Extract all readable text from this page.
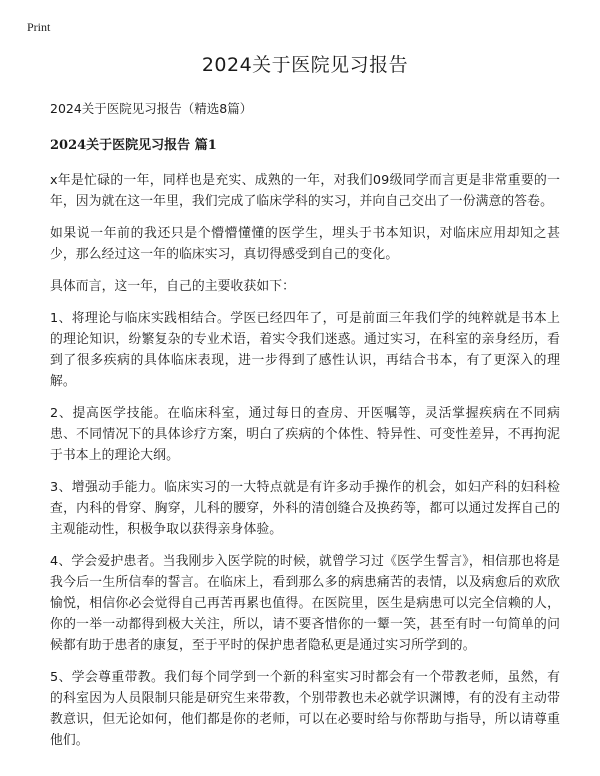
Print
2024关于医院见习报告

2024关于医院见习报告（精选8篇）

2024关于医院见习报告 篇1

x年是忙碌的一年，同样也是充实、成熟的一年，对我们09级同学而言更是非常重要的一年，因为就在这一年里，我们完成了临床学科的实习，并向自己交出了一份满意的答卷。

如果说一年前的我还只是个懵懵懂懂的医学生，埋头于书本知识，对临床应用却知之甚少，那么经过这一年的临床实习，真切得感受到自己的变化。

具体而言，这一年，自己的主要收获如下：

1、将理论与临床实践相结合。学医已经四年了，可是前面三年我们学的纯粹就是书本上的理论知识，纷繁复杂的专业术语，着实令我们迷惑。通过实习，在科室的亲身经历，看到了很多疾病的具体临床表现，进一步得到了感性认识，再结合书本，有了更深入的理解。

2、提高医学技能。在临床科室，通过每日的查房、开医嘱等，灵活掌握疾病在不同病患、不同情况下的具体诊疗方案，明白了疾病的个体性、特异性、可变性差异，不再拘泥于书本上的理论大纲。

3、增强动手能力。临床实习的一大特点就是有许多动手操作的机会，如妇产科的妇科检查，内科的骨穿、胸穿，儿科的腰穿，外科的清创缝合及换药等，都可以通过发挥自己的主观能动性，积极争取以获得亲身体验。

4、学会爱护患者。当我刚步入医学院的时候，就曾学习过《医学生誓言》，相信那也将是我今后一生所信奉的誓言。在临床上，看到那么多的病患痛苦的表情，以及病愈后的欢欣愉悦，相信你必会觉得自己再苦再累也值得。在医院里，医生是病患可以完全信赖的人，你的一举一动都得到极大关注，所以，请不要吝惜你的一颦一笑，甚至有时一句简单的问候都有助于患者的康复，至于平时的保护患者隐私更是通过实习所学到的。

5、学会尊重带教。我们每个同学到一个新的科室实习时都会有一个带教老师，虽然，有的科室因为人员限制只能是研究生来带教，个别带教也未必就学识渊博，有的没有主动带教意识，但无论如何，他们都是你的老师，可以在必要时给与你帮助与指导，所以请尊重他们。
